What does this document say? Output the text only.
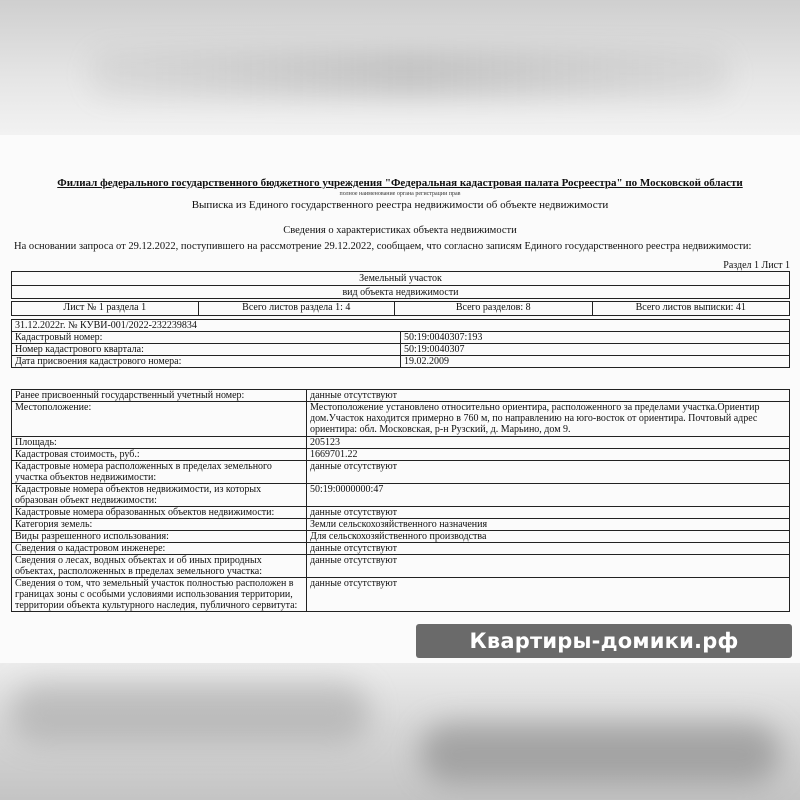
Филиал федерального государственного бюджетного учреждения "Федеральная кадастровая палата Росреестра" по Московской области
полное наименование органа регистрации прав
Выписка из Единого государственного реестра недвижимости об объекте недвижимости
Сведения о характеристиках объекта недвижимости
На основании запроса от 29.12.2022, поступившего на рассмотрение 29.12.2022, сообщаем, что согласно записям Единого государственного реестра недвижимости:
Раздел 1 Лист 1
Земельный участок
вид объекта недвижимости
Лист № 1 раздела 1	Всего листов раздела 1: 4	Всего разделов: 8	Всего листов выписки: 41
31.12.2022г. № КУВИ-001/2022-232239834	
Кадастровый номер:	50:19:0040307:193
Номер кадастрового квартала:	50:19:0040307
Дата присвоения кадастрового номера:	19.02.2009
Ранее присвоенный государственный учетный номер:	данные отсутствуют
Местоположение:	Местоположение установлено относительно ориентира, расположенного за пределами участка.Ориентир дом.Участок находится примерно в 760 м, по направлению на юго-восток от ориентира. Почтовый адрес ориентира: обл. Московская, р-н Рузский, д. Марьино, дом 9.
Площадь:	205123
Кадастровая стоимость, руб.:	1669701.22
Кадастровые номера расположенных в пределах земельного участка объектов недвижимости:	данные отсутствуют
Кадастровые номера объектов недвижимости, из которых образован объект недвижимости:	50:19:0000000:47
Кадастровые номера образованных объектов недвижимости:	данные отсутствуют
Категория земель:	Земли сельскохозяйственного назначения
Виды разрешенного использования:	Для сельскохозяйственного производства
Сведения о кадастровом инженере:	данные отсутствуют
Сведения о лесах, водных объектах и об иных природных объектах, расположенных в пределах земельного участка:	данные отсутствуют
Сведения о том, что земельный участок полностью расположен в границах зоны с особыми условиями использования территории, территории объекта культурного наследия, публичного сервитута:	данные отсутствуют
Квартиры-домики.рф
